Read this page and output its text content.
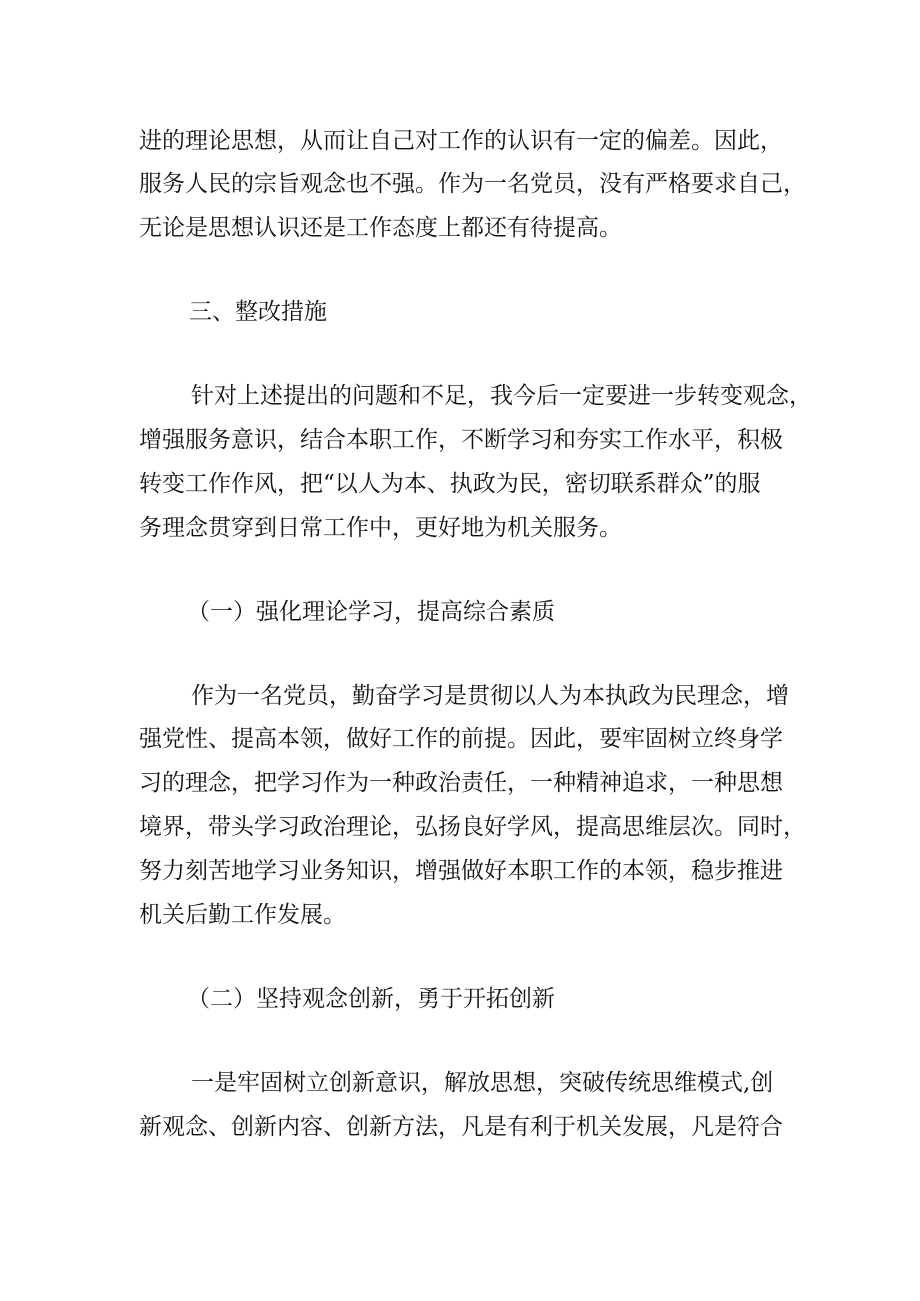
进的理论思想，从而让自己对工作的认识有一定的偏差。因此，
服务人民的宗旨观念也不强。作为一名党员，没有严格要求自己，
无论是思想认识还是工作态度上都还有待提高。
三、整改措施
针对上述提出的问题和不足，我今后一定要进一步转变观念，
增强服务意识，结合本职工作，不断学习和夯实工作水平，积极
转变工作作风，把“以人为本、执政为民，密切联系群众”的服
务理念贯穿到日常工作中，更好地为机关服务。
（一）强化理论学习，提高综合素质
作为一名党员，勤奋学习是贯彻以人为本执政为民理念，增
强党性、提高本领，做好工作的前提。因此，要牢固树立终身学
习的理念，把学习作为一种政治责任，一种精神追求，一种思想
境界，带头学习政治理论，弘扬良好学风，提高思维层次。同时，
努力刻苦地学习业务知识，增强做好本职工作的本领，稳步推进
机关后勤工作发展。
（二）坚持观念创新，勇于开拓创新
一是牢固树立创新意识，解放思想，突破传统思维模式,创
新观念、创新内容、创新方法，凡是有利于机关发展，凡是符合
